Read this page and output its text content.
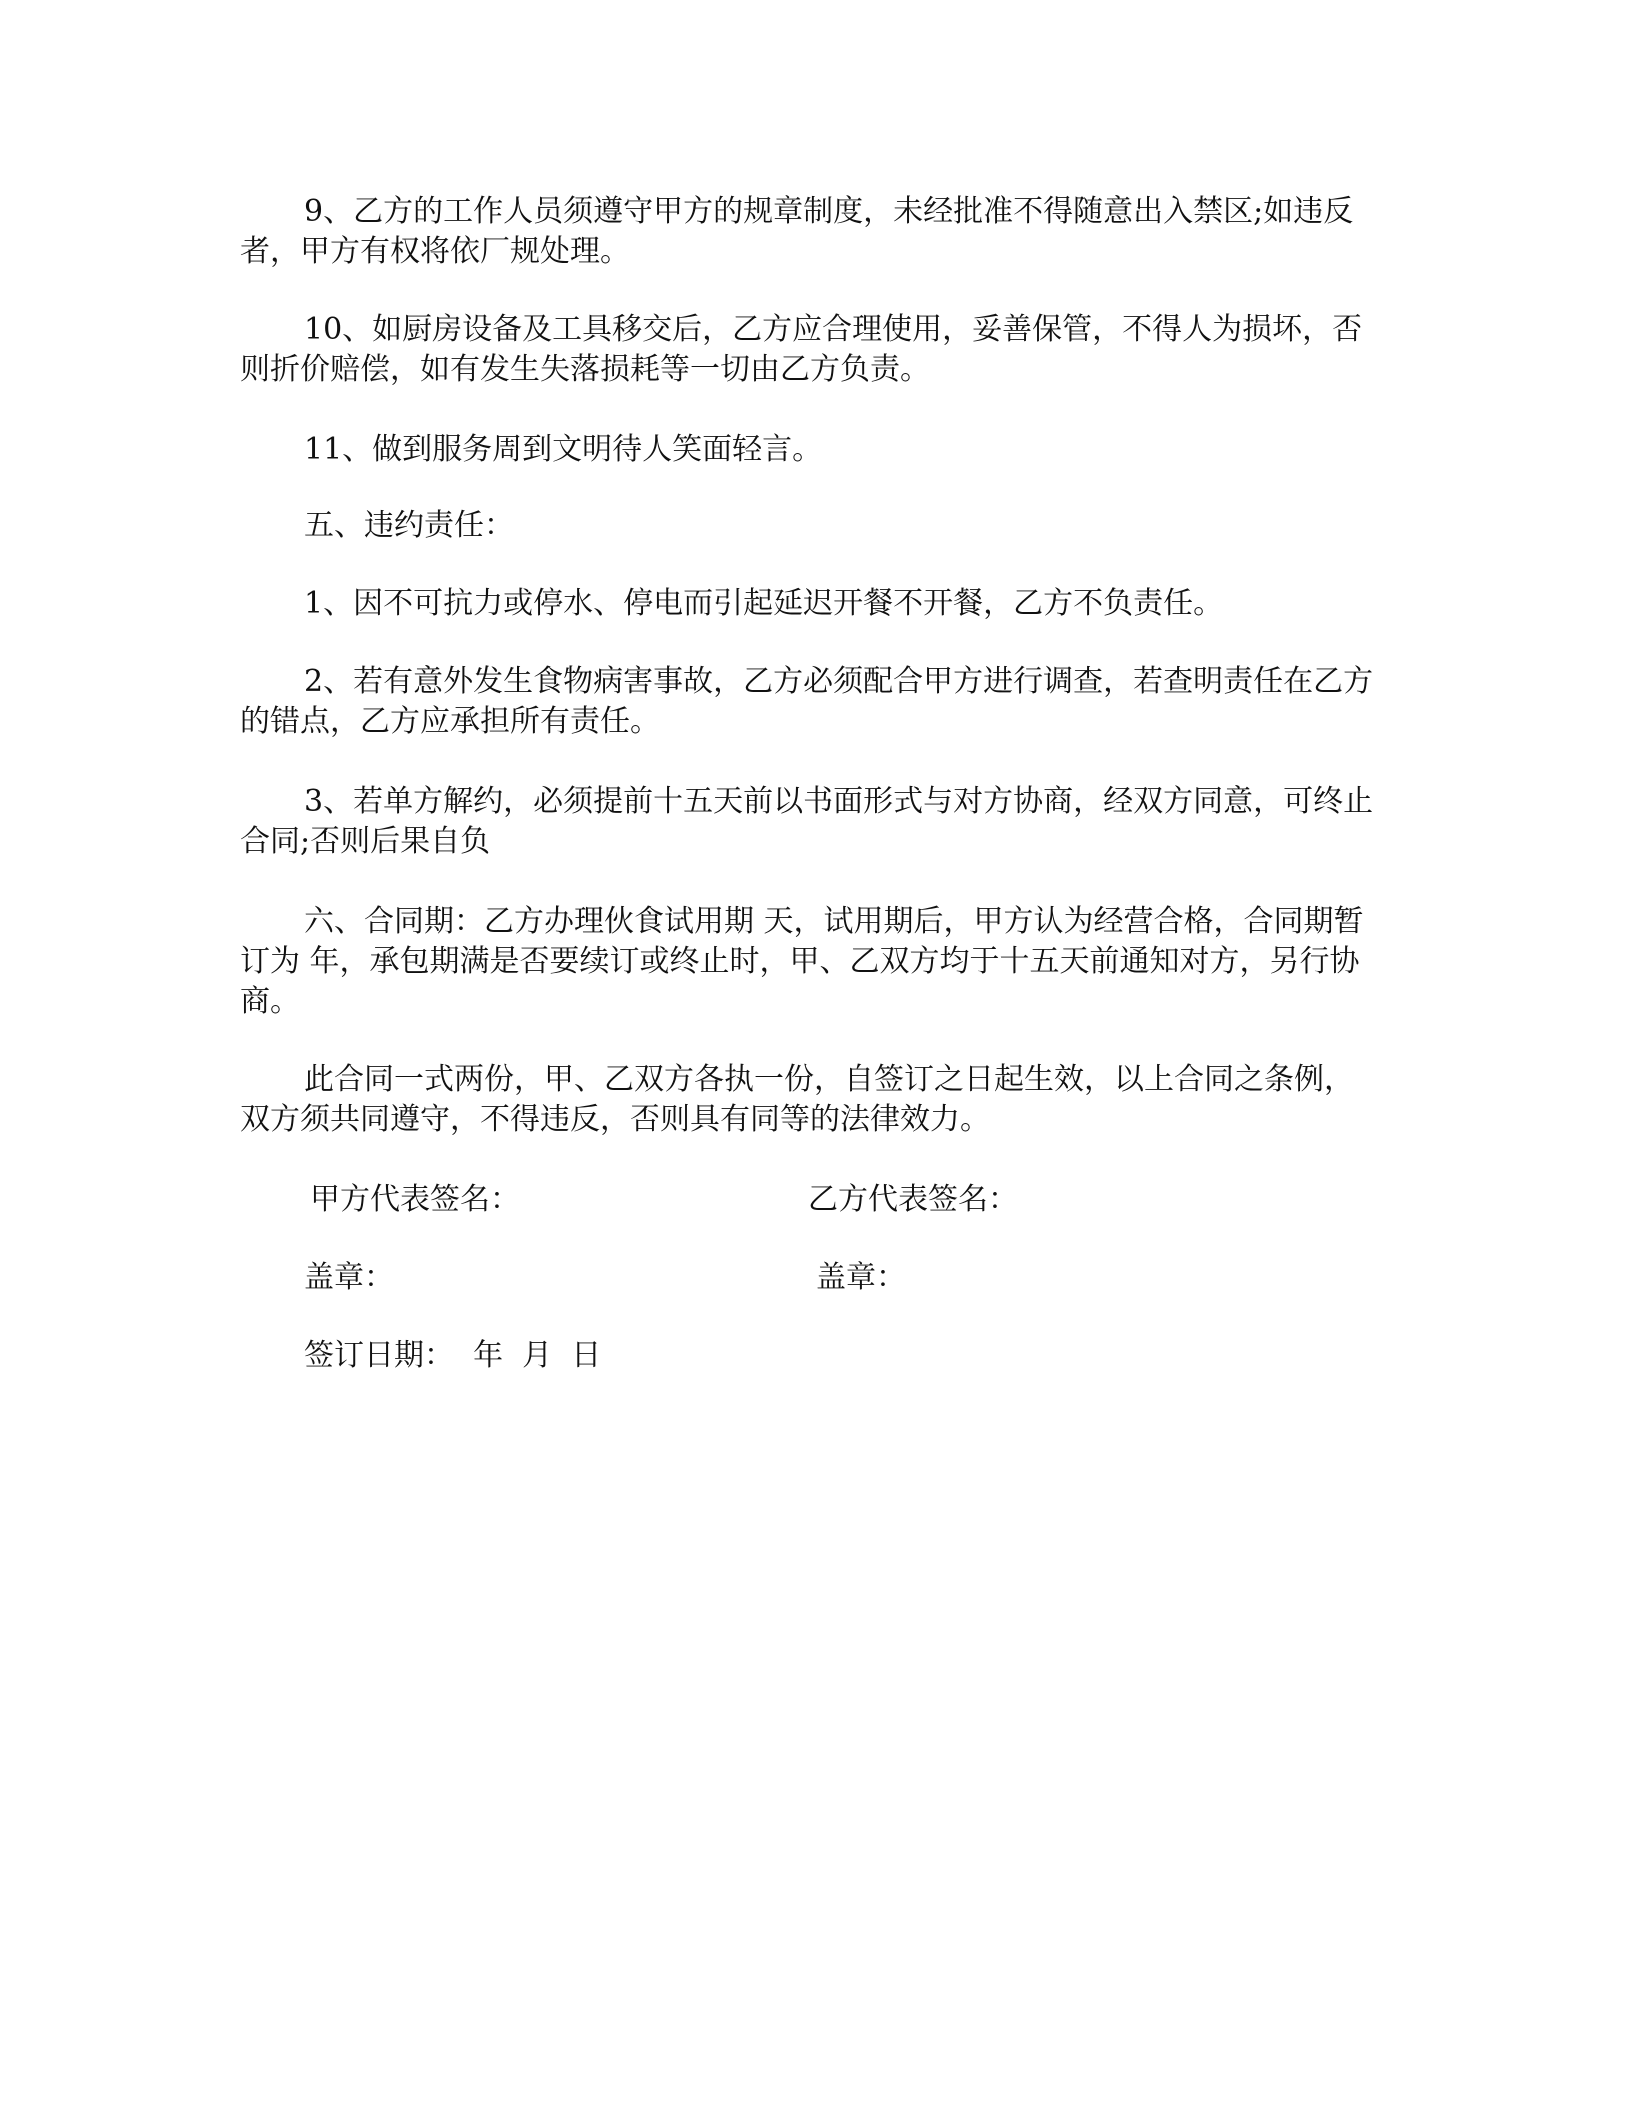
9、乙方的工作人员须遵守甲方的规章制度，未经批准不得随意出入禁区;如违反者，甲方有权将依厂规处理。

10、如厨房设备及工具移交后，乙方应合理使用，妥善保管，不得人为损坏，否则折价赔偿，如有发生失落损耗等一切由乙方负责。

11、做到服务周到文明待人笑面轻言。

五、违约责任：

1、因不可抗力或停水、停电而引起延迟开餐不开餐，乙方不负责任。

2、若有意外发生食物病害事故，乙方必须配合甲方进行调查，若查明责任在乙方的错点，乙方应承担所有责任。

3、若单方解约，必须提前十五天前以书面形式与对方协商，经双方同意，可终止合同;否则后果自负

六、合同期：乙方办理伙食试用期 天，试用期后，甲方认为经营合格，合同期暂订为 年，承包期满是否要续订或终止时，甲、乙双方均于十五天前通知对方，另行协商。

此合同一式两份，甲、乙双方各执一份，自签订之日起生效，以上合同之条例，双方须共同遵守，不得违反，否则具有同等的法律效力。

甲方代表签名：	乙方代表签名：
盖章：	盖章：
签订日期：  年  月  日
